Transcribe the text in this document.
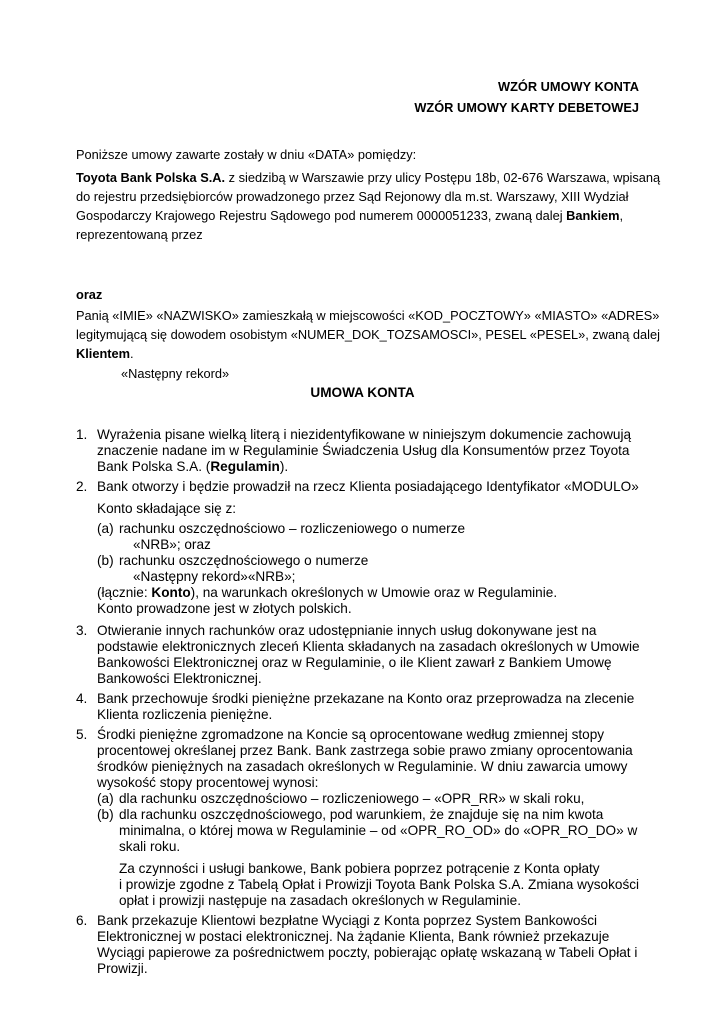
WZÓR UMOWY KONTA
WZÓR UMOWY KARTY DEBETOWEJ
Poniższe umowy zawarte zostały w dniu «DATA» pomiędzy:
Toyota Bank Polska S.A. z siedzibą w Warszawie przy ulicy Postępu 18b, 02-676 Warszawa, wpisaną
do rejestru przedsiębiorców prowadzonego przez Sąd Rejonowy dla m.st. Warszawy, XIII Wydział
Gospodarczy Krajowego Rejestru Sądowego pod numerem 0000051233, zwaną dalej Bankiem,
reprezentowaną przez
oraz
Panią «IMIE» «NAZWISKO» zamieszkałą w miejscowości «KOD_POCZTOWY» «MIASTO» «ADRES»
legitymującą się dowodem osobistym «NUMER_DOK_TOZSAMOSCI», PESEL «PESEL», zwaną dalej
Klientem.
«Następny rekord»
UMOWA KONTA
1. Wyrażenia pisane wielką literą i niezidentyfikowane w niniejszym dokumencie zachowują
znaczenie nadane im w Regulaminie Świadczenia Usług dla Konsumentów przez Toyota
Bank Polska S.A. (Regulamin).
2. Bank otworzy i będzie prowadził na rzecz Klienta posiadającego Identyfikator «MODULO»
Konto składające się z:
(a) rachunku oszczędnościowo – rozliczeniowego o numerze
«NRB»; oraz
(b) rachunku oszczędnościowego o numerze
«Następny rekord»«NRB»;
(łącznie: Konto), na warunkach określonych w Umowie oraz w Regulaminie.
Konto prowadzone jest w złotych polskich.
3. Otwieranie innych rachunków oraz udostępnianie innych usług dokonywane jest na
podstawie elektronicznych zleceń Klienta składanych na zasadach określonych w Umowie
Bankowości Elektronicznej oraz w Regulaminie, o ile Klient zawarł z Bankiem Umowę
Bankowości Elektronicznej.
4. Bank przechowuje środki pieniężne przekazane na Konto oraz przeprowadza na zlecenie
Klienta rozliczenia pieniężne.
5. Środki pieniężne zgromadzone na Koncie są oprocentowane według zmiennej stopy
procentowej określanej przez Bank. Bank zastrzega sobie prawo zmiany oprocentowania
środków pieniężnych na zasadach określonych w Regulaminie. W dniu zawarcia umowy
wysokość stopy procentowej wynosi:
(a) dla rachunku oszczędnościowo – rozliczeniowego – «OPR_RR» w skali roku,
(b) dla rachunku oszczędnościowego, pod warunkiem, że znajduje się na nim kwota
minimalna, o której mowa w Regulaminie – od «OPR_RO_OD» do «OPR_RO_DO» w
skali roku.
Za czynności i usługi bankowe, Bank pobiera poprzez potrącenie z Konta opłaty
i prowizje zgodne z Tabelą Opłat i Prowizji Toyota Bank Polska S.A. Zmiana wysokości
opłat i prowizji następuje na zasadach określonych w Regulaminie.
6. Bank przekazuje Klientowi bezpłatne Wyciągi z Konta poprzez System Bankowości
Elektronicznej w postaci elektronicznej. Na żądanie Klienta, Bank również przekazuje
Wyciągi papierowe za pośrednictwem poczty, pobierając opłatę wskazaną w Tabeli Opłat i
Prowizji.
